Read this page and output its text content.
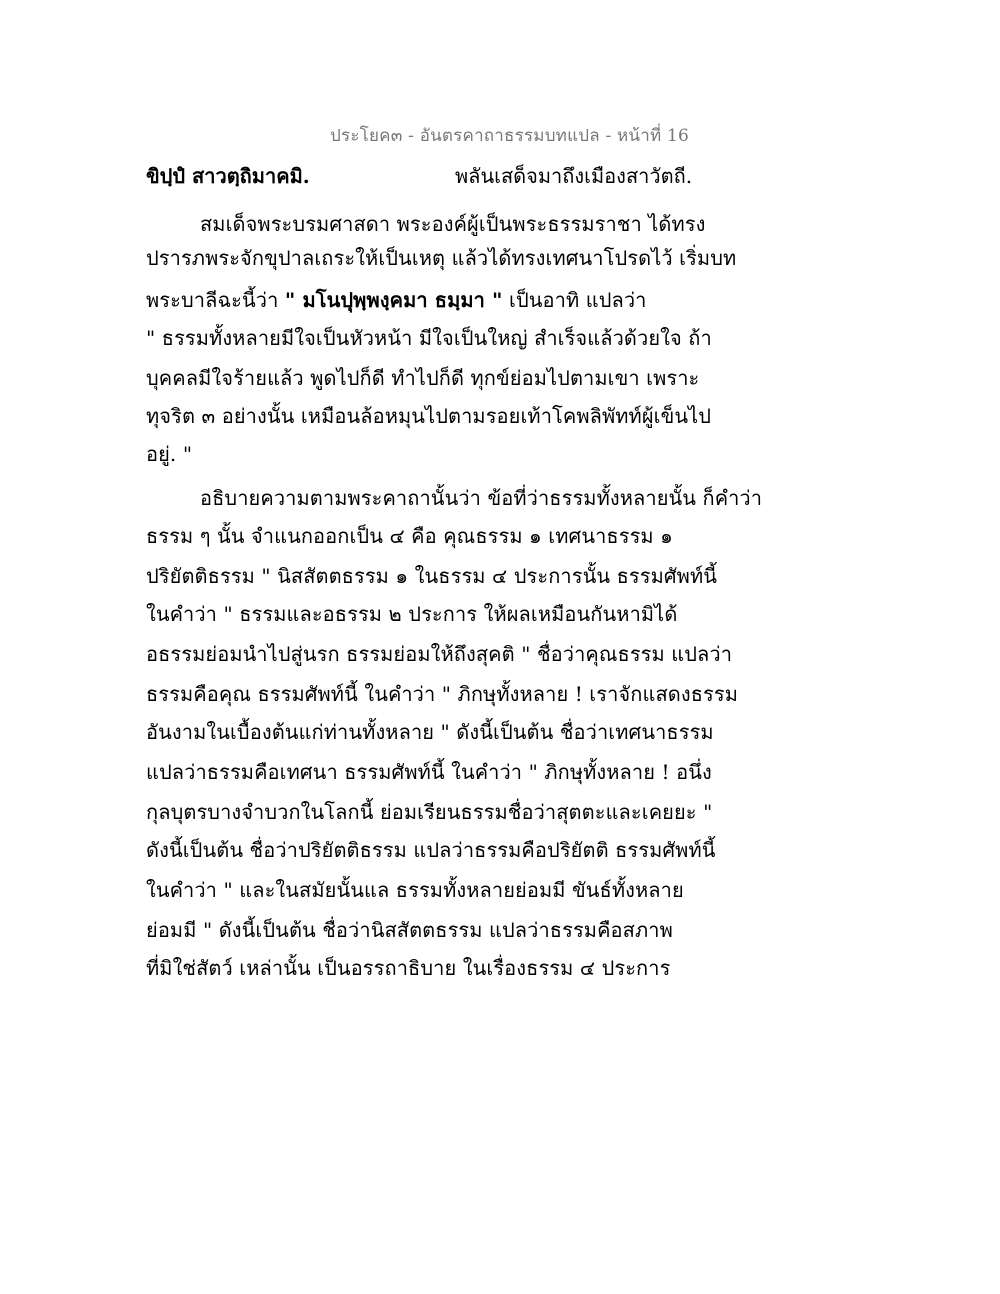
ประโยค๓ - อันตรคาถาธรรมบทแปล - หน้าที่ 16
ขิปฺปํ สาวตฺถิมาคมิ.	พลันเสด็จมาถึงเมืองสาวัตถี.
สมเด็จพระบรมศาสดา พระองค์ผู้เป็นพระธรรมราชา ได้ทรง
ปรารภพระจักขุปาลเถระให้เป็นเหตุ แล้วได้ทรงเทศนาโปรดไว้ เริ่มบท
พระบาลีฉะนี้ว่า " มโนปุพฺพงฺคมา ธมฺมา " เป็นอาทิ แปลว่า
" ธรรมทั้งหลายมีใจเป็นหัวหน้า มีใจเป็นใหญ่ สำเร็จแล้วด้วยใจ ถ้า
บุคคลมีใจร้ายแล้ว พูดไปก็ดี ทำไปก็ดี ทุกข์ย่อมไปตามเขา เพราะ
ทุจริต ๓ อย่างนั้น เหมือนล้อหมุนไปตามรอยเท้าโคพลิพัทท์ผู้เข็นไป
อยู่. "
อธิบายความตามพระคาถานั้นว่า ข้อที่ว่าธรรมทั้งหลายนั้น ก็คำว่า
ธรรม ๆ นั้น จำแนกออกเป็น ๔ คือ คุณธรรม ๑ เทศนาธรรม ๑
ปริยัตติธรรม " นิสสัตตธรรม ๑ ในธรรม ๔ ประการนั้น ธรรมศัพท์นี้
ในคำว่า " ธรรมและอธรรม ๒ ประการ ให้ผลเหมือนกันหามิได้
อธรรมย่อมนำไปสู่นรก ธรรมย่อมให้ถึงสุคติ " ชื่อว่าคุณธรรม แปลว่า
ธรรมคือคุณ ธรรมศัพท์นี้ ในคำว่า " ภิกษุทั้งหลาย ! เราจักแสดงธรรม
อันงามในเบื้องต้นแก่ท่านทั้งหลาย " ดังนี้เป็นต้น ชื่อว่าเทศนาธรรม
แปลว่าธรรมคือเทศนา ธรรมศัพท์นี้ ในคำว่า " ภิกษุทั้งหลาย ! อนึ่ง
กุลบุตรบางจำบวกในโลกนี้ ย่อมเรียนธรรมชื่อว่าสุตตะและเคยยะ "
ดังนี้เป็นต้น ชื่อว่าปริยัตติธรรม แปลว่าธรรมคือปริยัตติ ธรรมศัพท์นี้
ในคำว่า " และในสมัยนั้นแล ธรรมทั้งหลายย่อมมี ขันธ์ทั้งหลาย
ย่อมมี " ดังนี้เป็นต้น ชื่อว่านิสสัตตธรรม แปลว่าธรรมคือสภาพ
ที่มิใช่สัตว์ เหล่านั้น เป็นอรรถาธิบาย ในเรื่องธรรม ๔ ประการ
